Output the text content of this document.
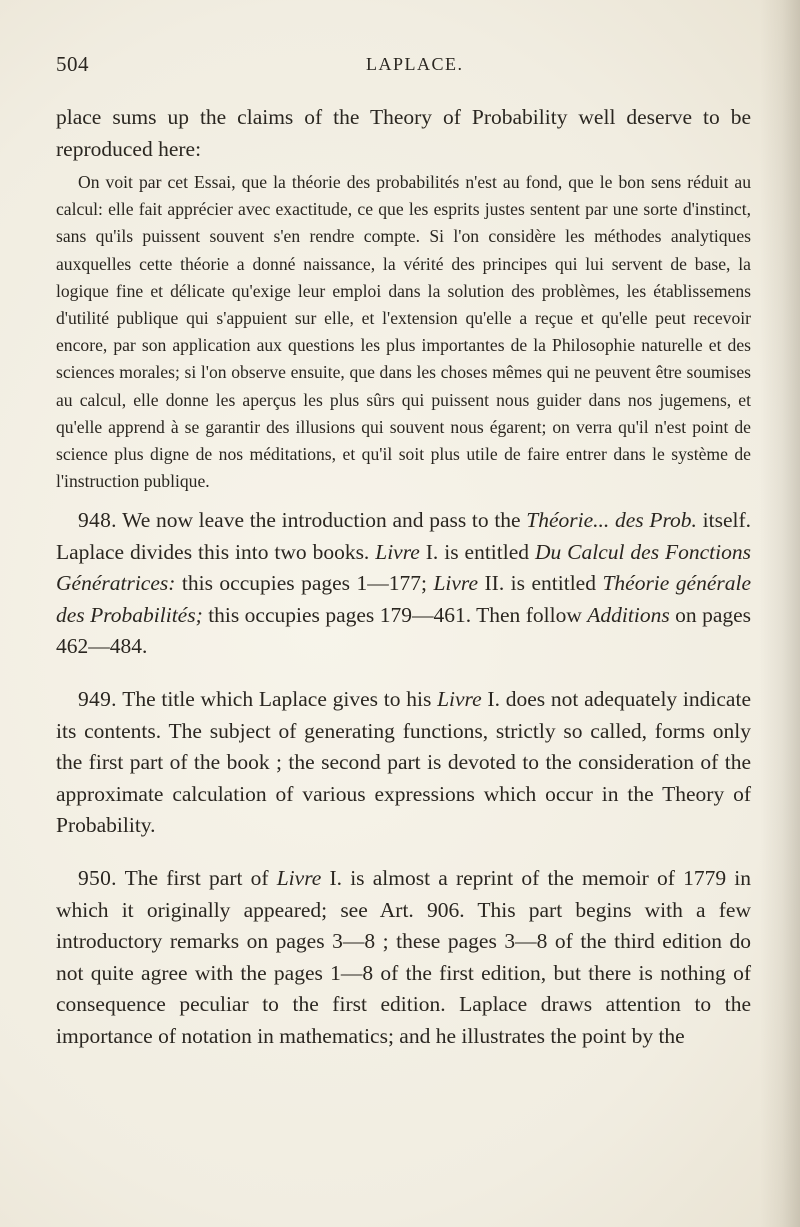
504	LAPLACE.

place sums up the claims of the Theory of Probability well deserve to be reproduced here:

On voit par cet Essai, que la théorie des probabilités n'est au fond, que le bon sens réduit au calcul: elle fait apprécier avec exactitude, ce que les esprits justes sentent par une sorte d'instinct, sans qu'ils puissent souvent s'en rendre compte. Si l'on considère les méthodes analytiques auxquelles cette théorie a donné naissance, la vérité des principes qui lui servent de base, la logique fine et délicate qu'exige leur emploi dans la solution des problèmes, les établissemens d'utilité publique qui s'appuient sur elle, et l'extension qu'elle a reçue et qu'elle peut recevoir encore, par son application aux questions les plus importantes de la Philosophie naturelle et des sciences morales; si l'on observe ensuite, que dans les choses mêmes qui ne peuvent être soumises au calcul, elle donne les aperçus les plus sûrs qui puissent nous guider dans nos jugemens, et qu'elle apprend à se garantir des illusions qui souvent nous égarent; on verra qu'il n'est point de science plus digne de nos méditations, et qu'il soit plus utile de faire entrer dans le système de l'instruction publique.

948. We now leave the introduction and pass to the Théorie... des Prob. itself. Laplace divides this into two books. Livre I. is entitled Du Calcul des Fonctions Génératrices: this occupies pages 1—177; Livre II. is entitled Théorie générale des Probabilités; this occupies pages 179—461. Then follow Additions on pages 462—484.

949. The title which Laplace gives to his Livre I. does not adequately indicate its contents. The subject of generating functions, strictly so called, forms only the first part of the book ; the second part is devoted to the consideration of the approximate calculation of various expressions which occur in the Theory of Probability.

950. The first part of Livre I. is almost a reprint of the memoir of 1779 in which it originally appeared; see Art. 906. This part begins with a few introductory remarks on pages 3—8 ; these pages 3—8 of the third edition do not quite agree with the pages 1—8 of the first edition, but there is nothing of consequence peculiar to the first edition. Laplace draws attention to the importance of notation in mathematics; and he illustrates the point by the
